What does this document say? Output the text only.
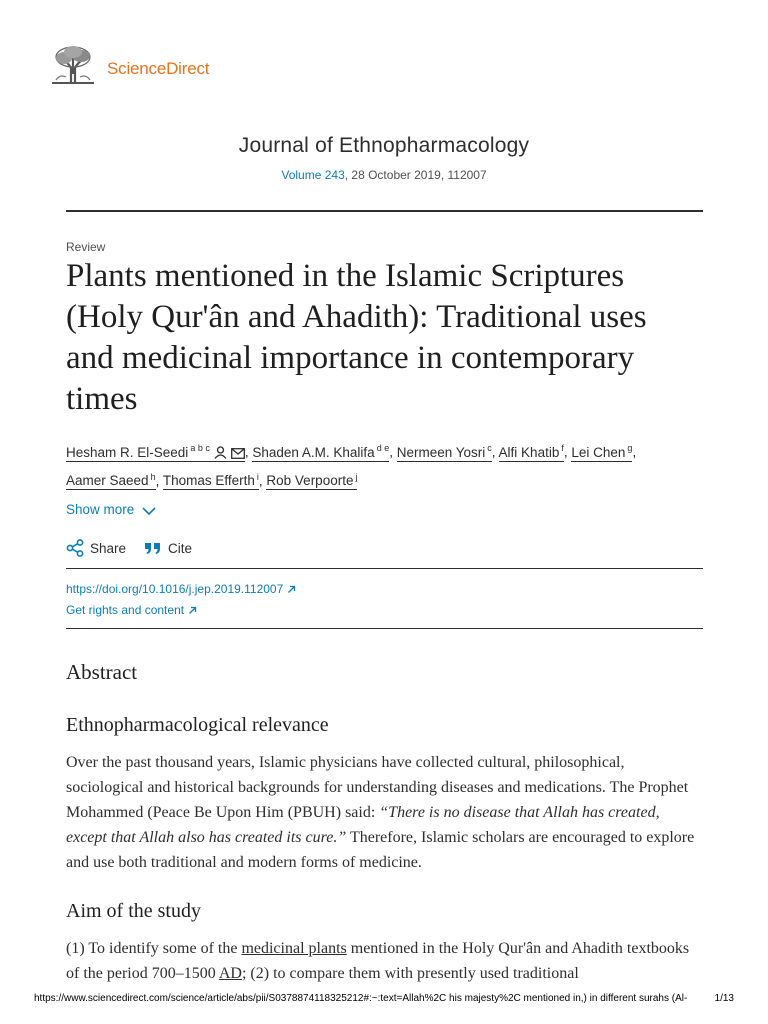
ScienceDirect
Journal of Ethnopharmacology
Volume 243, 28 October 2019, 112007
Review
Plants mentioned in the Islamic Scriptures (Holy Qur'ân and Ahadith): Traditional uses and medicinal importance in contemporary times
Hesham R. El-Seedi $^{a b c}$	, Shaden A.M. Khalifa $^{d e}$, Nermeen Yosri $^c$, Alfi Khatib $^f$, Lei Chen $^g$,
Aamer Saeed $^h$, Thomas Efferth $^i$, Rob Verpoorte $^j$
Show more
Share	Cite
https://doi.org/10.1016/j.jep.2019.112007
Get rights and content
Abstract
Ethnopharmacological relevance

Over the past thousand years, Islamic physicians have collected cultural, philosophical, sociological and historical backgrounds for understanding diseases and medications. The Prophet Mohammed (Peace Be Upon Him (PBUH) said: “There is no disease that Allah has created, except that Allah also has created its cure.” Therefore, Islamic scholars are encouraged to explore and use both traditional and modern forms of medicine.

Aim of the study

(1) To identify some of the medicinal plants mentioned in the Holy Qur'ân and Ahadith textbooks of the period 700–1500 AD; (2) to compare them with presently used traditional

https://www.sciencedirect.com/science/article/abs/pii/S0378874118325212#:~:text=Allah%2C his majesty%2C mentioned in,) in different surahs (Al-	1/13
